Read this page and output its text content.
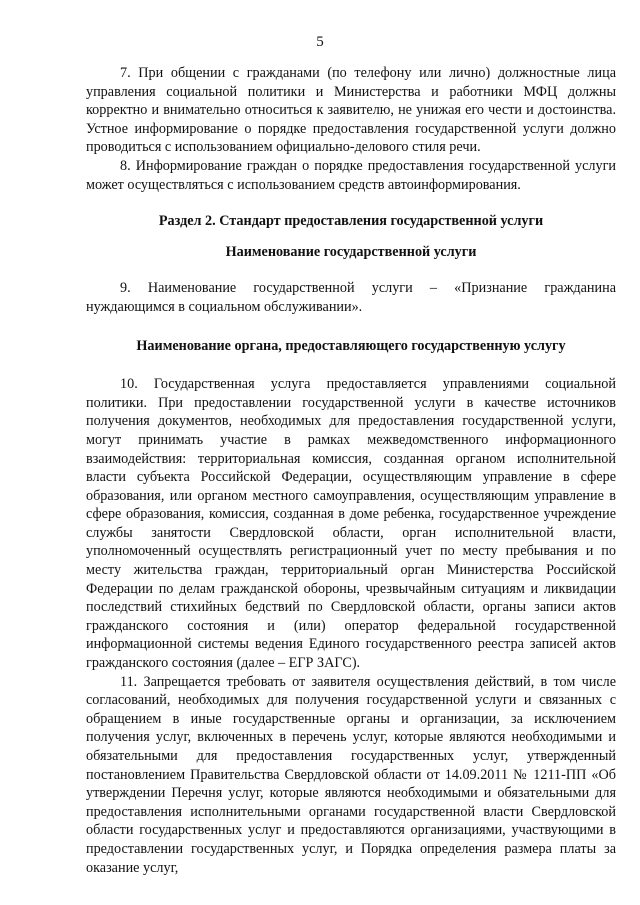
5

7. При общении с гражданами (по телефону или лично) должностные лица управления социальной политики и Министерства и работники МФЦ должны корректно и внимательно относиться к заявителю, не унижая его чести и достоинства. Устное информирование о порядке предоставления государственной услуги должно проводиться с использованием официально-делового стиля речи.

8. Информирование граждан о порядке предоставления государственной услуги может осуществляться с использованием средств автоинформирования.

Раздел 2. Стандарт предоставления государственной услуги
Наименование государственной услуги

9. Наименование государственной услуги – «Признание гражданина нуждающимся в социальном обслуживании».

Наименование органа, предоставляющего государственную услугу

10. Государственная услуга предоставляется управлениями социальной политики. При предоставлении государственной услуги в качестве источников получения документов, необходимых для предоставления государственной услуги, могут принимать участие в рамках межведомственного информационного взаимодействия: территориальная комиссия, созданная органом исполнительной власти субъекта Российской Федерации, осуществляющим управление в сфере образования, или органом местного самоуправления, осуществляющим управление в сфере образования, комиссия, созданная в доме ребенка, государственное учреждение службы занятости Свердловской области, орган исполнительной власти, уполномоченный осуществлять регистрационный учет по месту пребывания и по месту жительства граждан, территориальный орган Министерства Российской Федерации по делам гражданской обороны, чрезвычайным ситуациям и ликвидации последствий стихийных бедствий по Свердловской области, органы записи актов гражданского состояния и (или) оператор федеральной государственной информационной системы ведения Единого государственного реестра записей актов гражданского состояния (далее – ЕГР ЗАГС).

11. Запрещается требовать от заявителя осуществления действий, в том числе согласований, необходимых для получения государственной услуги и связанных с обращением в иные государственные органы и организации, за исключением получения услуг, включенных в перечень услуг, которые являются необходимыми и обязательными для предоставления государственных услуг, утвержденный постановлением Правительства Свердловской области от 14.09.2011 № 1211-ПП «Об утверждении Перечня услуг, которые являются необходимыми и обязательными для предоставления исполнительными органами государственной власти Свердловской области государственных услуг и предоставляются организациями, участвующими в предоставлении государственных услуг, и Порядка определения размера платы за оказание услуг,
